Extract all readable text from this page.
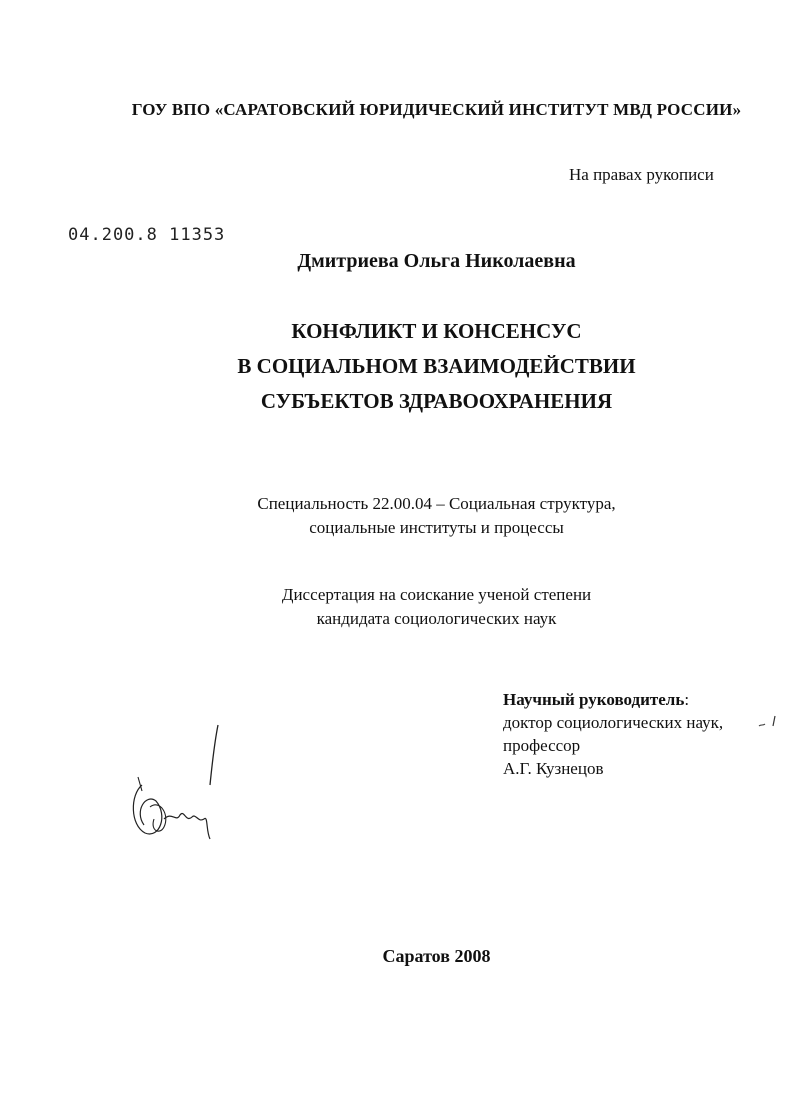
ГОУ ВПО «САРАТОВСКИЙ ЮРИДИЧЕСКИЙ ИНСТИТУТ МВД РОССИИ»
На правах рукописи
04.200.8 11353
Дмитриева Ольга Николаевна
КОНФЛИКТ И КОНСЕНСУС
В СОЦИАЛЬНОМ ВЗАИМОДЕЙСТВИИ
СУБЪЕКТОВ ЗДРАВООХРАНЕНИЯ
Специальность 22.00.04 – Социальная структура,
социальные институты и процессы
Диссертация на соискание ученой степени
кандидата социологических наук
Научный руководитель:
доктор социологических наук,
профессор
А.Г. Кузнецов
Саратов 2008
